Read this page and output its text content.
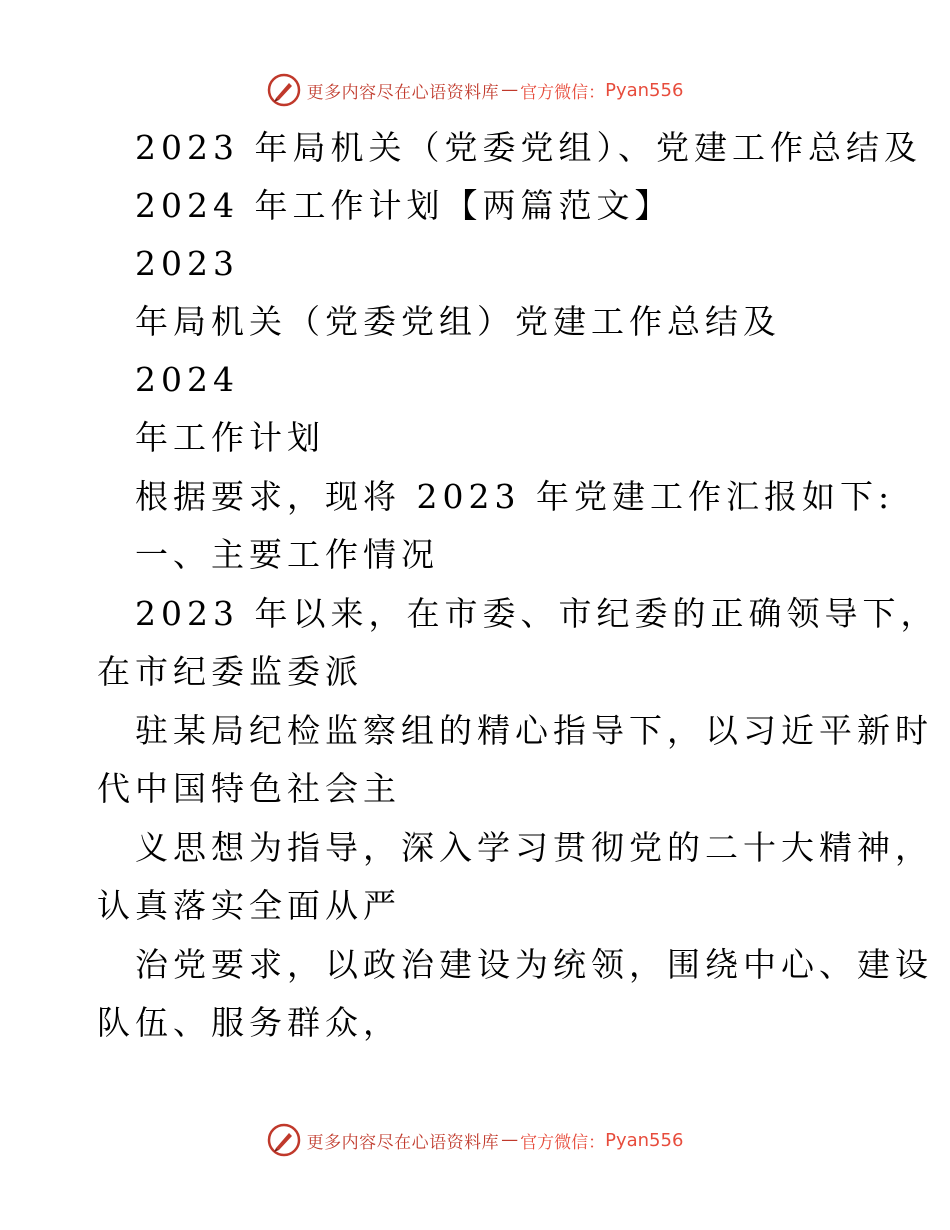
更多内容尽在心语资料库 — 官方微信： Pyan556
2023 年局机关（党委党组）、党建工作总结及
2024 年工作计划【两篇范文】
2023
年局机关（党委党组）党建工作总结及
2024
年工作计划
根据要求，现将 2023 年党建工作汇报如下:
一、主要工作情况
2023 年以来，在市委、市纪委的正确领导下，
在市纪委监委派
驻某局纪检监察组的精心指导下，以习近平新时
代中国特色社会主
义思想为指导，深入学习贯彻党的二十大精神，
认真落实全面从严
治党要求，以政治建设为统领，围绕中心、建设
队伍、服务群众，
更多内容尽在心语资料库 — 官方微信： Pyan556
